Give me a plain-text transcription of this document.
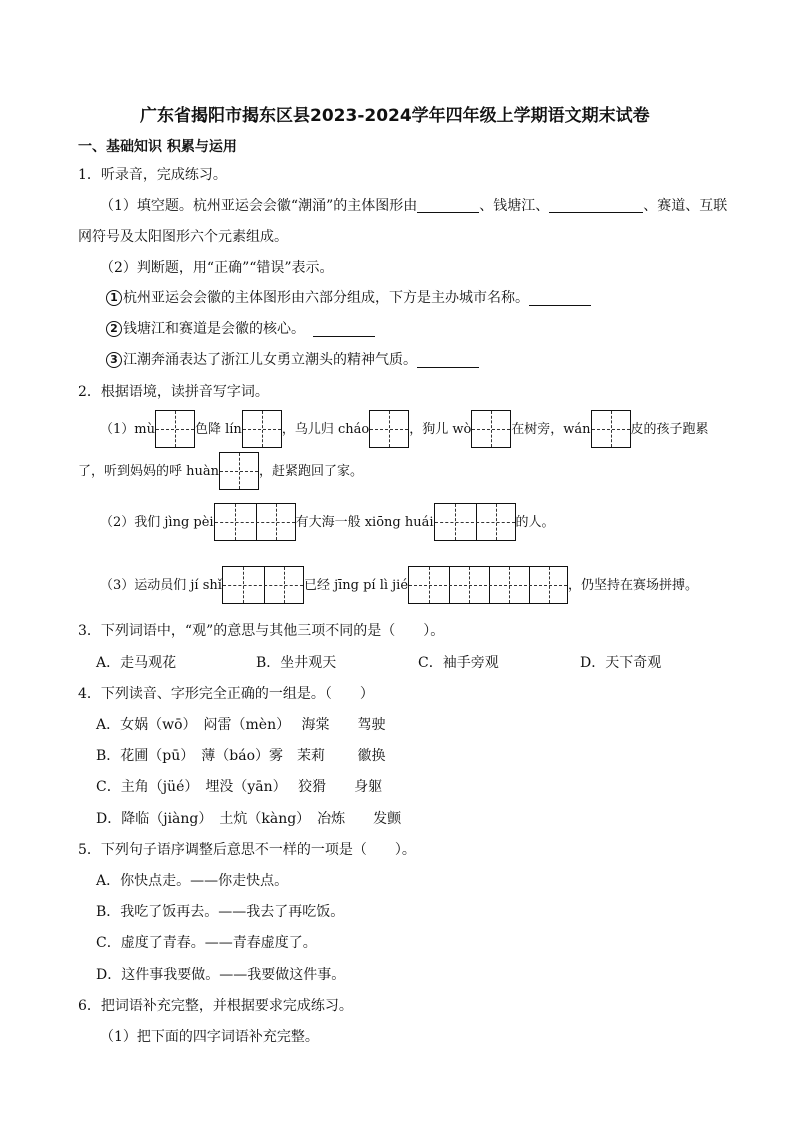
广东省揭阳市揭东区县2023-2024学年四年级上学期语文期末试卷
一、基础知识 积累与运用
1．听录音，完成练习。
（1）填空题。杭州亚运会会徽“潮涌”的主体图形由	、钱塘江、	、赛道、互联
网符号及太阳图形六个元素组成。
（2）判断题，用“正确”“错误”表示。
1 杭州亚运会会徽的主体图形由六部分组成，下方是主办城市名称。
2 钱塘江和赛道是会徽的核心。
3 江潮奔涌表达了浙江儿女勇立潮头的精神气质。
2．根据语境，读拼音写字词。
（1）mù	色降 lín	，乌儿归 cháo	，狗儿 wò	在树旁，wán	皮的孩子跑累
了，听到妈妈的呼 huàn	，赶紧跑回了家。
（2）我们 jìng pèi	有大海一般 xiōng huái	的人。
（3）运动员们 jí shǐ	已经 jīng pí lì jié	，仍坚持在赛场拼搏。
3．下列词语中，“观”的意思与其他三项不同的是（　　）。
A．走马观花	B．坐井观天	C．袖手旁观	D．天下奇观
4．下列读音、字形完全正确的一组是。（　　）
A．女娲（wō）　闷雷（mèn）　 海棠　　驾驶
B．花圃（pū）　薄（báo）雾　茉莉　　 徽换
C．主角（jüé）　埋没（yān）　 狡猾　　身躯
D．降临（jiàng）　土炕（kàng）　冶炼　　发颤
5．下列句子语序调整后意思不一样的一项是（　　）。
A．你快点走。——你走快点。
B．我吃了饭再去。——我去了再吃饭。
C．虚度了青春。——青春虚度了。
D．这件事我要做。——我要做这件事。
6．把词语补充完整，并根据要求完成练习。
（1）把下面的四字词语补充完整。
